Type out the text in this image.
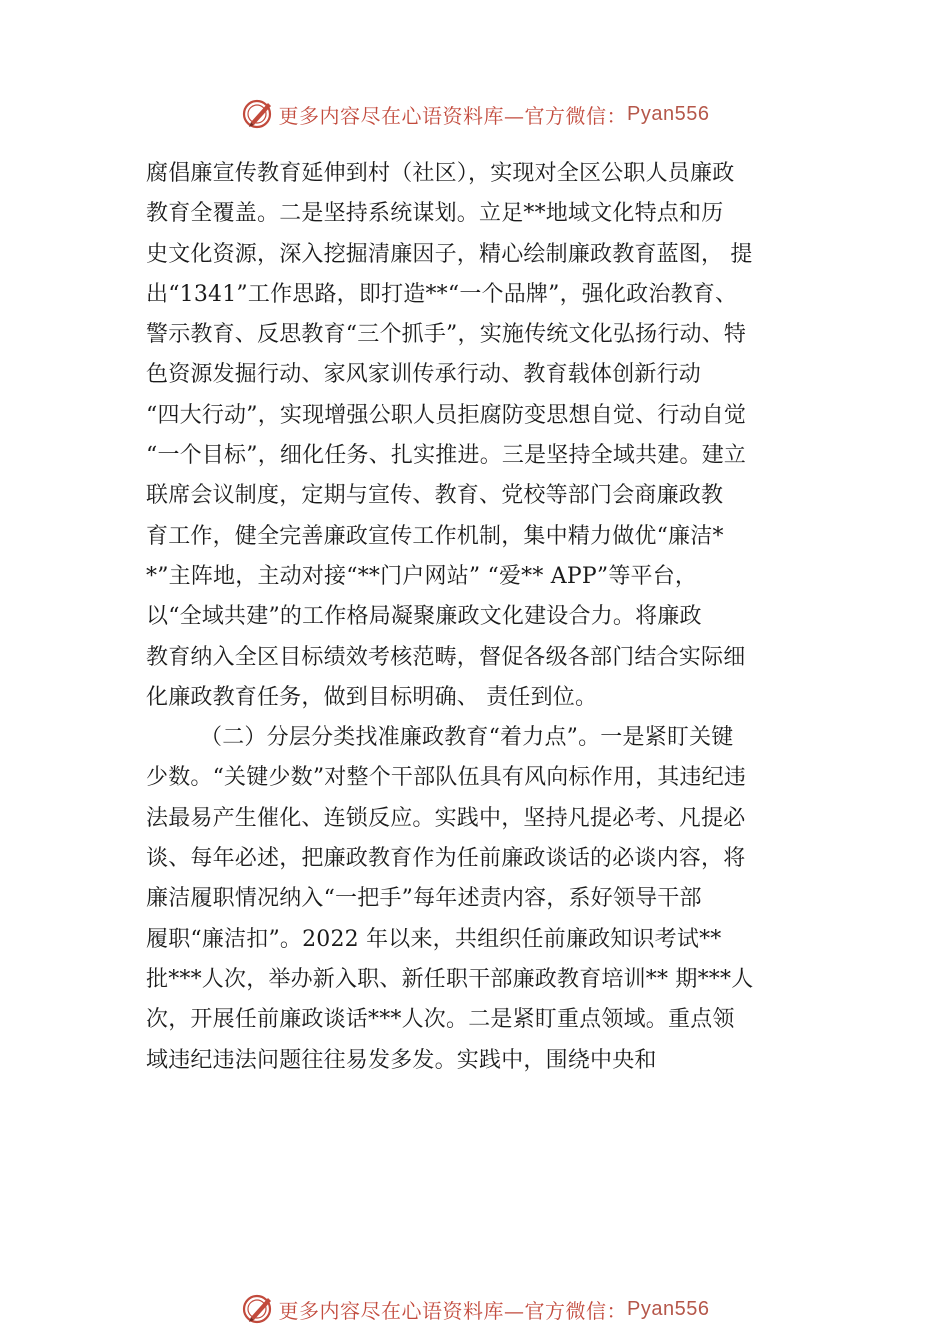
更多内容尽在心语资料库—官方微信： Pyan556
腐倡廉宣传教育延伸到村（社区），实现对全区公职人员廉政
教育全覆盖。二是坚持系统谋划。立足**地域文化特点和历
史文化资源，深入挖掘清廉因子，精心绘制廉政教育蓝图， 提
出“1341”工作思路，即打造**“一个品牌”，强化政治教育、
警示教育、反思教育“三个抓手”，实施传统文化弘扬行动、特
色资源发掘行动、家风家训传承行动、教育载体创新行动
“四大行动”，实现增强公职人员拒腐防变思想自觉、行动自觉
“一个目标”，细化任务、扎实推进。三是坚持全域共建。建立
联席会议制度，定期与宣传、教育、党校等部门会商廉政教
育工作，健全完善廉政宣传工作机制，集中精力做优“廉洁*
*”主阵地，主动对接“**门户网站” “爱** APP”等平台，
以“全域共建”的工作格局凝聚廉政文化建设合力。将廉政
教育纳入全区目标绩效考核范畴，督促各级各部门结合实际细
化廉政教育任务，做到目标明确、 责任到位。
（二）分层分类找准廉政教育“着力点”。一是紧盯关键
少数。“关键少数”对整个干部队伍具有风向标作用，其违纪违
法最易产生催化、连锁反应。实践中，坚持凡提必考、凡提必
谈、每年必述，把廉政教育作为任前廉政谈话的必谈内容，将
廉洁履职情况纳入“一把手”每年述责内容，系好领导干部
履职“廉洁扣”。2022 年以来，共组织任前廉政知识考试**
批***人次，举办新入职、新任职干部廉政教育培训** 期***人
次，开展任前廉政谈话***人次。二是紧盯重点领域。重点领
域违纪违法问题往往易发多发。实践中，围绕中央和
更多内容尽在心语资料库—官方微信： Pyan556
